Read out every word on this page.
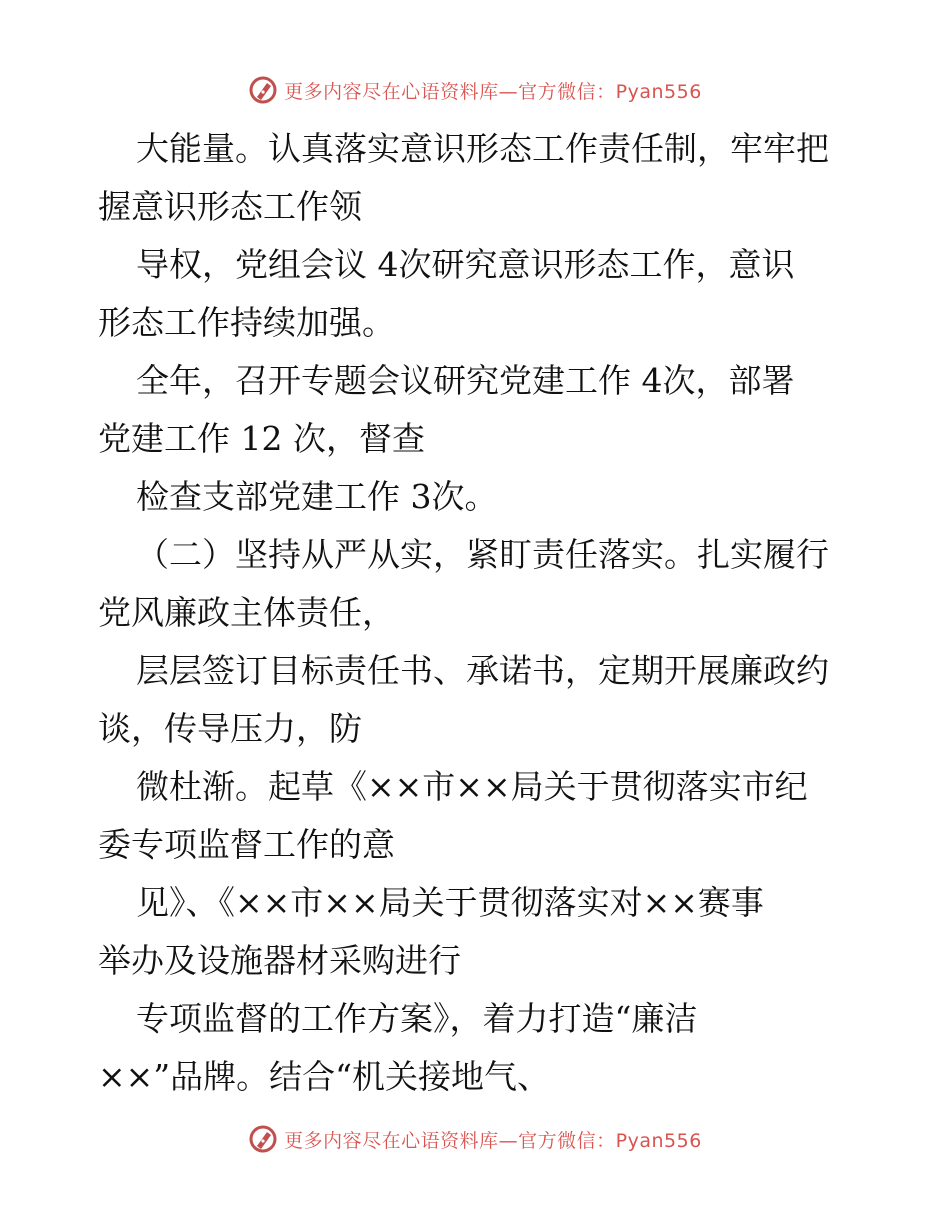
更多内容尽在心语资料库—官方微信：Pyan556
大能量。认真落实意识形态工作责任制，牢牢把
握意识形态工作领
导权，党组会议 4次研究意识形态工作，意识
形态工作持续加强。
全年，召开专题会议研究党建工作 4次，部署
党建工作 12 次，督查
检查支部党建工作 3次。
（二）坚持从严从实，紧盯责任落实。扎实履行
党风廉政主体责任，
层层签订目标责任书、承诺书，定期开展廉政约
谈，传导压力，防
微杜渐。起草《××市××局关于贯彻落实市纪
委专项监督工作的意
见》、《××市××局关于贯彻落实对××赛事
举办及设施器材采购进行
专项监督的工作方案》，着力打造“廉洁
××”品牌。结合“机关接地气、
更多内容尽在心语资料库—官方微信：Pyan556
